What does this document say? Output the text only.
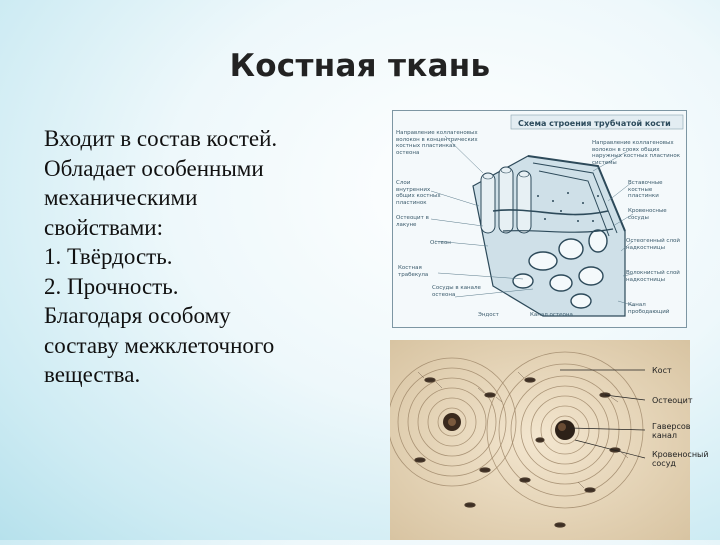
Костная ткань
Входит в состав костей.
Обладает особенными
механическими
свойствами:
1. Твёрдость.
2. Прочность.
Благодаря особому
составу межклеточного
вещества.
Схема строения трубчатой кости
Направление коллагеновых волокон в концентрических костных пластинках остеона
Слои внутренних общих костных пластинок
Остеоцит в лакуне
Остеон
Костная трабекула
Сосуды в канале остеона
Направление коллагеновых волокон в слоях общих наружных костных пластинок системы
Вставочные костные пластинки
Кровеносные сосуды
Остеогенный слой надкостницы
Волокнистый слой надкостницы
Канал прободающий
Эндост	Канал остеона
Кост
Остеоцит
Гаверсов канал
Кровеносный сосуд
